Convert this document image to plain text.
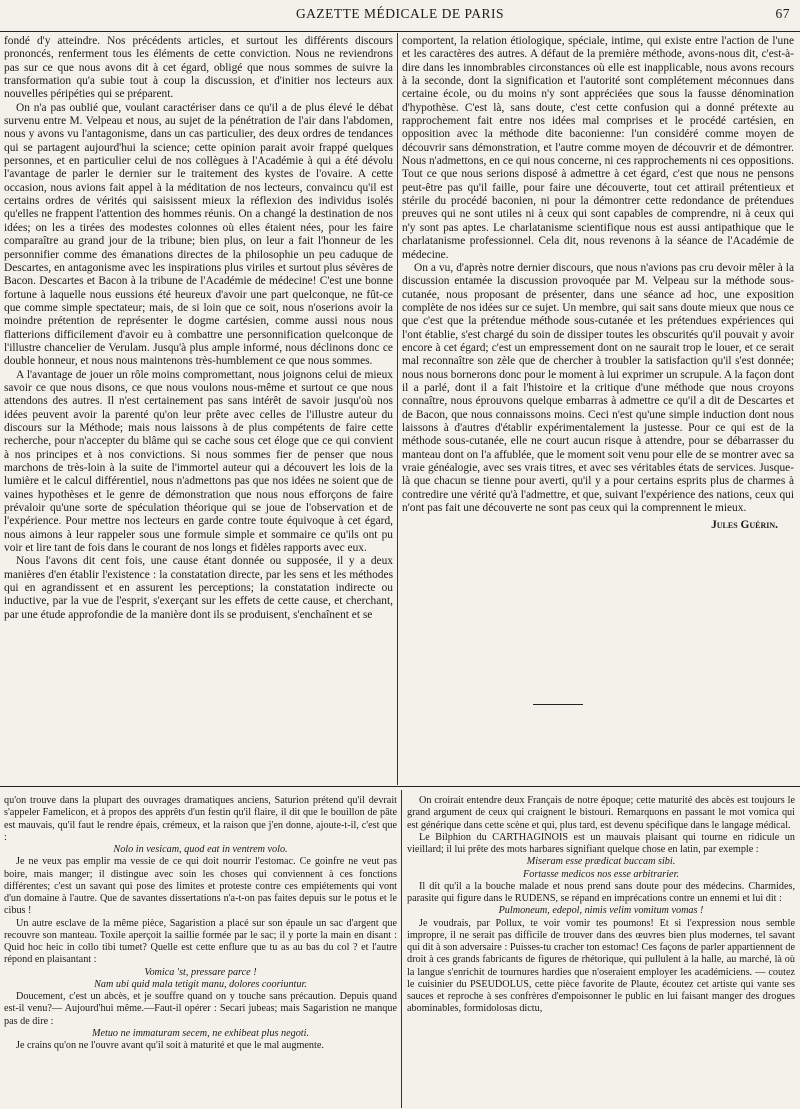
GAZETTE MÉDICALE DE PARIS	67

fondé d'y atteindre. Nos précédents articles, et surtout les différents discours prononcés, renferment tous les éléments de cette conviction. Nous ne reviendrons pas sur ce que nous avons dit à cet égard, obligé que nous sommes de suivre la transformation qu'a subie tout à coup la discussion, et d'initier nos lecteurs aux nouvelles péripéties qui se préparent.

On n'a pas oublié que, voulant caractériser dans ce qu'il a de plus élevé le débat survenu entre M. Velpeau et nous, au sujet de la pénétration de l'air dans l'abdomen, nous y avons vu l'antagonisme, dans un cas particulier, des deux ordres de tendances qui se partagent aujourd'hui la science; cette opinion parait avoir frappé quelques personnes, et en particulier celui de nos collègues à l'Académie à qui a été dévolu l'avantage de parler le dernier sur le traitement des kystes de l'ovaire. A cette occasion, nous avions fait appel à la méditation de nos lecteurs, convaincu qu'il est certains ordres de vérités qui saisissent mieux la réflexion des individus isolés qu'elles ne frappent l'attention des hommes réunis. On a changé la destination de nos idées; on les a tirées des modestes colonnes où elles étaient nées, pour les faire comparaître au grand jour de la tribune; bien plus, on leur a fait l'honneur de les personnifier comme des émanations directes de la philosophie un peu caduque de Descartes, en antagonisme avec les inspirations plus viriles et surtout plus sévères de Bacon. Descartes et Bacon à la tribune de l'Académie de médecine! C'est une bonne fortune à laquelle nous eussions été heureux d'avoir une part quelconque, ne fût-ce que comme simple spectateur; mais, de si loin que ce soit, nous n'oserions avoir la moindre prétention de représenter le dogme cartésien, comme aussi nous nous flatterions difficilement d'avoir eu à combattre une personnification quelconque de l'illustre chancelier de Verulam. Jusqu'à plus ample informé, nous déclinons donc ce double honneur, et nous nous maintenons très-humblement ce que nous sommes.

A l'avantage de jouer un rôle moins compromettant, nous joignons celui de mieux savoir ce que nous disons, ce que nous voulons nous-même et surtout ce que nous attendons des autres. Il n'est certainement pas sans intérêt de savoir jusqu'où nos idées peuvent avoir la parenté qu'on leur prête avec celles de l'illustre auteur du discours sur la Méthode; mais nous laissons à de plus compétents de faire cette recherche, pour n'accepter du blâme qui se cache sous cet éloge que ce qui convient à nos principes et à nos convictions. Si nous sommes fier de penser que nous marchons de très-loin à la suite de l'immortel auteur qui a découvert les lois de la lumière et le calcul différentiel, nous n'admettons pas que nos idées ne soient que de vaines hypothèses et le genre de démonstration que nous nous efforçons de faire prévaloir qu'une sorte de spéculation théorique qui se joue de l'observation et de l'expérience. Pour mettre nos lecteurs en garde contre toute équivoque à cet égard, nous aimons à leur rappeler sous une formule simple et sommaire ce qu'ils ont pu voir et lire tant de fois dans le courant de nos longs et fidèles rapports avec eux.

Nous l'avons dit cent fois, une cause étant donnée ou supposée, il y a deux manières d'en établir l'existence : la constatation directe, par les sens et les méthodes qui en agrandissent et en assurent les perceptions; la constatation indirecte ou inductive, par la vue de l'esprit, s'exerçant sur les effets de cette cause, et cherchant, par une étude approfondie de la manière dont ils se produisent, s'enchaînent et se

comportent, la relation étiologique, spéciale, intime, qui existe entre l'action de l'une et les caractères des autres. A défaut de la première méthode, avons-nous dit, c'est-à-dire dans les innombrables circonstances où elle est inapplicable, nous avons recours à la seconde, dont la signification et l'autorité sont complétement méconnues dans certaine école, ou du moins n'y sont appréciées que sous la fausse dénomination d'hypothèse. C'est là, sans doute, c'est cette confusion qui a donné prétexte au rapprochement fait entre nos idées mal comprises et le procédé cartésien, en opposition avec la méthode dite baconienne: l'un considéré comme moyen de découvrir sans démonstration, et l'autre comme moyen de découvrir et de démontrer. Nous n'admettons, en ce qui nous concerne, ni ces rapprochements ni ces oppositions. Tout ce que nous serions disposé à admettre à cet égard, c'est que nous ne pensons peut-être pas qu'il faille, pour faire une découverte, tout cet attirail prétentieux et stérile du procédé baconien, ni pour la démontrer cette redondance de prétendues preuves qui ne sont utiles ni à ceux qui sont capables de comprendre, ni à ceux qui n'y sont pas aptes. Le charlatanisme scientifique nous est aussi antipathique que le charlatanisme professionnel. Cela dit, nous revenons à la séance de l'Académie de médecine.

On a vu, d'après notre dernier discours, que nous n'avions pas cru devoir mêler à la discussion entamée la discussion provoquée par M. Velpeau sur la méthode sous-cutanée, nous proposant de présenter, dans une séance ad hoc, une exposition complète de nos idées sur ce sujet. Un membre, qui sait sans doute mieux que nous ce que c'est que la prétendue méthode sous-cutanée et les prétendues expériences qui l'ont établie, s'est chargé du soin de dissiper toutes les obscurités qu'il pouvait y avoir encore à cet égard; c'est un empressement dont on ne saurait trop le louer, et ce serait mal reconnaître son zèle que de chercher à troubler la satisfaction qu'il s'est donnée; nous nous bornerons donc pour le moment à lui exprimer un scrupule. A la façon dont il a parlé, dont il a fait l'histoire et la critique d'une méthode que nous croyons connaître, nous éprouvons quelque embarras à admettre ce qu'il a dit de Descartes et de Bacon, que nous connaissons moins. Ceci n'est qu'une simple induction dont nous laissons à d'autres d'établir expérimentalement la justesse. Pour ce qui est de la méthode sous-cutanée, elle ne court aucun risque à attendre, pour se débarrasser du manteau dont on l'a affublée, que le moment soit venu pour elle de se montrer avec sa vraie généalogie, avec ses vrais titres, et avec ses véritables états de services. Jusque-là que chacun se tienne pour averti, qu'il y a pour certains esprits plus de charmes à contredire une vérité qu'à l'admettre, et que, suivant l'expérience des nations, ceux qui n'ont pas fait une découverte ne sont pas ceux qui la comprennent le mieux.

Jules Guérin.

qu'on trouve dans la plupart des ouvrages dramatiques anciens, Saturion prétend qu'il devrait s'appeler Famelicon, et à propos des apprêts d'un festin qu'il flaire, il dit que le bouillon de pâte est mauvais, qu'il faut le rendre épais, crémeux, et la raison que j'en donne, ajoute-t-il, c'est que :

Nolo in vesicam, quod eat in ventrem volo.

Je ne veux pas emplir ma vessie de ce qui doit nourrir l'estomac. Ce goinfre ne veut pas boire, mais manger; il distingue avec soin les choses qui conviennent à ces fonctions différentes; c'est un savant qui pose des limites et proteste contre ces empiétements qui vont d'un domaine à l'autre. Que de savantes dissertations n'a-t-on pas faites depuis sur le potus et le cibus !

Un autre esclave de la même pièce, Sagaristion a placé sur son épaule un sac d'argent que recouvre son manteau. Toxile aperçoit la saillie formée par le sac; il y porte la main en disant : Quid hoc heic in collo tibi tumet? Quelle est cette enflure que tu as au bas du col ? et l'autre répond en plaisantant :

Vomica 'st, pressare parce !

Nam ubi quid mala tetigit manu, dolores cooriuntur.

Doucement, c'est un abcès, et je souffre quand on y touche sans précaution. Depuis quand est-il venu?— Aujourd'hui même.—Faut-il opérer : Secari jubeas; mais Sagaristion ne manque pas de dire :

Metuo ne immaturam secem, ne exhibeat plus negoti.

Je crains qu'on ne l'ouvre avant qu'il soit à maturité et que le mal augmente.

On croirait entendre deux Français de notre époque; cette maturité des abcès est toujours le grand argument de ceux qui craignent le bistouri. Remarquons en passant le mot vomica qui est générique dans cette scène et qui, plus tard, est devenu spécifique dans le langage médical.

Le Bilphion du CARTHAGINOIS est un mauvais plaisant qui tourne en ridicule un vieillard; il lui prête des mots harbares signifiant quelque chose en latin, par exemple :

Miseram esse prædicat buccam sibi.

Fortasse medicos nos esse arbitrarier.

Il dit qu'il a la bouche malade et nous prend sans doute pour des médecins. Charmides, parasite qui figure dans le RUDENS, se répand en imprécations contre un ennemi et lui dit :

Pulmoneum, edepol, nimis velim vomitum vomas !

Je voudrais, par Pollux, te voir vomir tes poumons! Et si l'expression nous semble impropre, il ne serait pas difficile de trouver dans des œuvres bien plus modernes, tel savant qui dit à son adversaire : Puisses-tu cracher ton estomac! Ces façons de parler appartiennent de droit à ces grands fabricants de figures de rhétorique, qui pullulent à la halle, au marché, là où la langue s'enrichit de tournures hardies que n'oseraient employer les académiciens. — coutez le cuisinier du PSEUDOLUS, cette pièce favorite de Plaute, écoutez cet artiste qui vante ses sauces et reproche à ses confrères d'empoisonner le public en lui faisant manger des drogues abominables, formidolosas dictu,
